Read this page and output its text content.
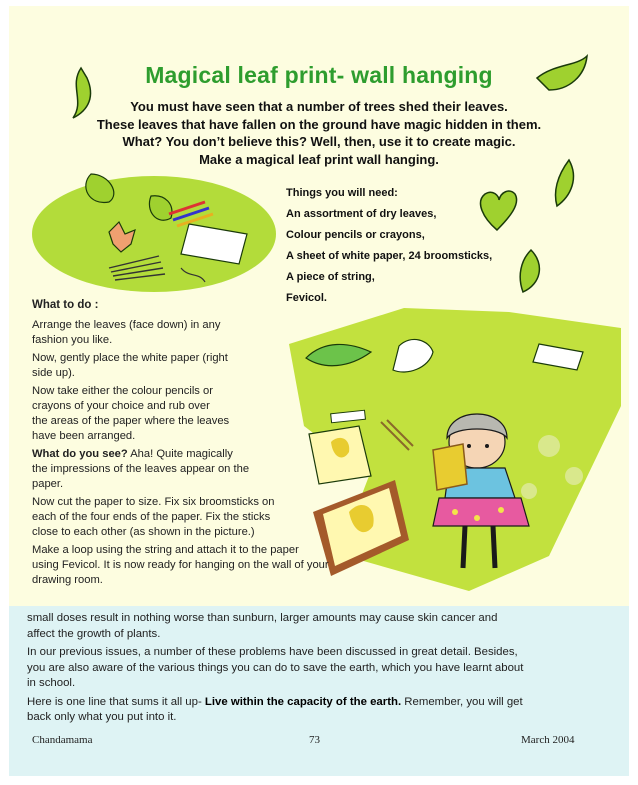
Magical leaf print- wall hanging
You must have seen that a number of trees shed their leaves.
These leaves that have fallen on the ground have magic hidden in them.
What? You don’t believe this? Well, then, use it to create magic.
Make a magical leaf print wall hanging.
Things you will need:
An assortment of dry leaves,
Colour pencils or crayons,
A sheet of white paper, 24 broomsticks,
A piece of string,
Fevicol.
What to do :

Arrange the leaves (face down) in any
fashion you like.

Now, gently place the white paper (right
side up).

Now take either the colour pencils or
crayons of your choice and rub over
the areas of the paper where the leaves
have been arranged.

What do you see? Aha! Quite magically
the impressions of the leaves appear on the
paper.

Now cut the paper to size. Fix six broomsticks on
each of the four ends of the paper. Fix the sticks
close to each other (as shown in the picture.)

Make a loop using the string and attach it to the paper
using Fevicol. It is now ready for hanging on the wall of your
drawing room.

small doses result in nothing worse than sunburn, larger amounts may cause skin cancer and
affect the growth of plants.

In our previous issues, a number of these problems have been discussed in great detail. Besides,
you are also aware of the various things you can do to save the earth, which you have learnt about
in school.

Here is one line that sums it all up- Live within the capacity of the earth. Remember, you will get
back only what you put into it.

Chandamama	73	March 2004
